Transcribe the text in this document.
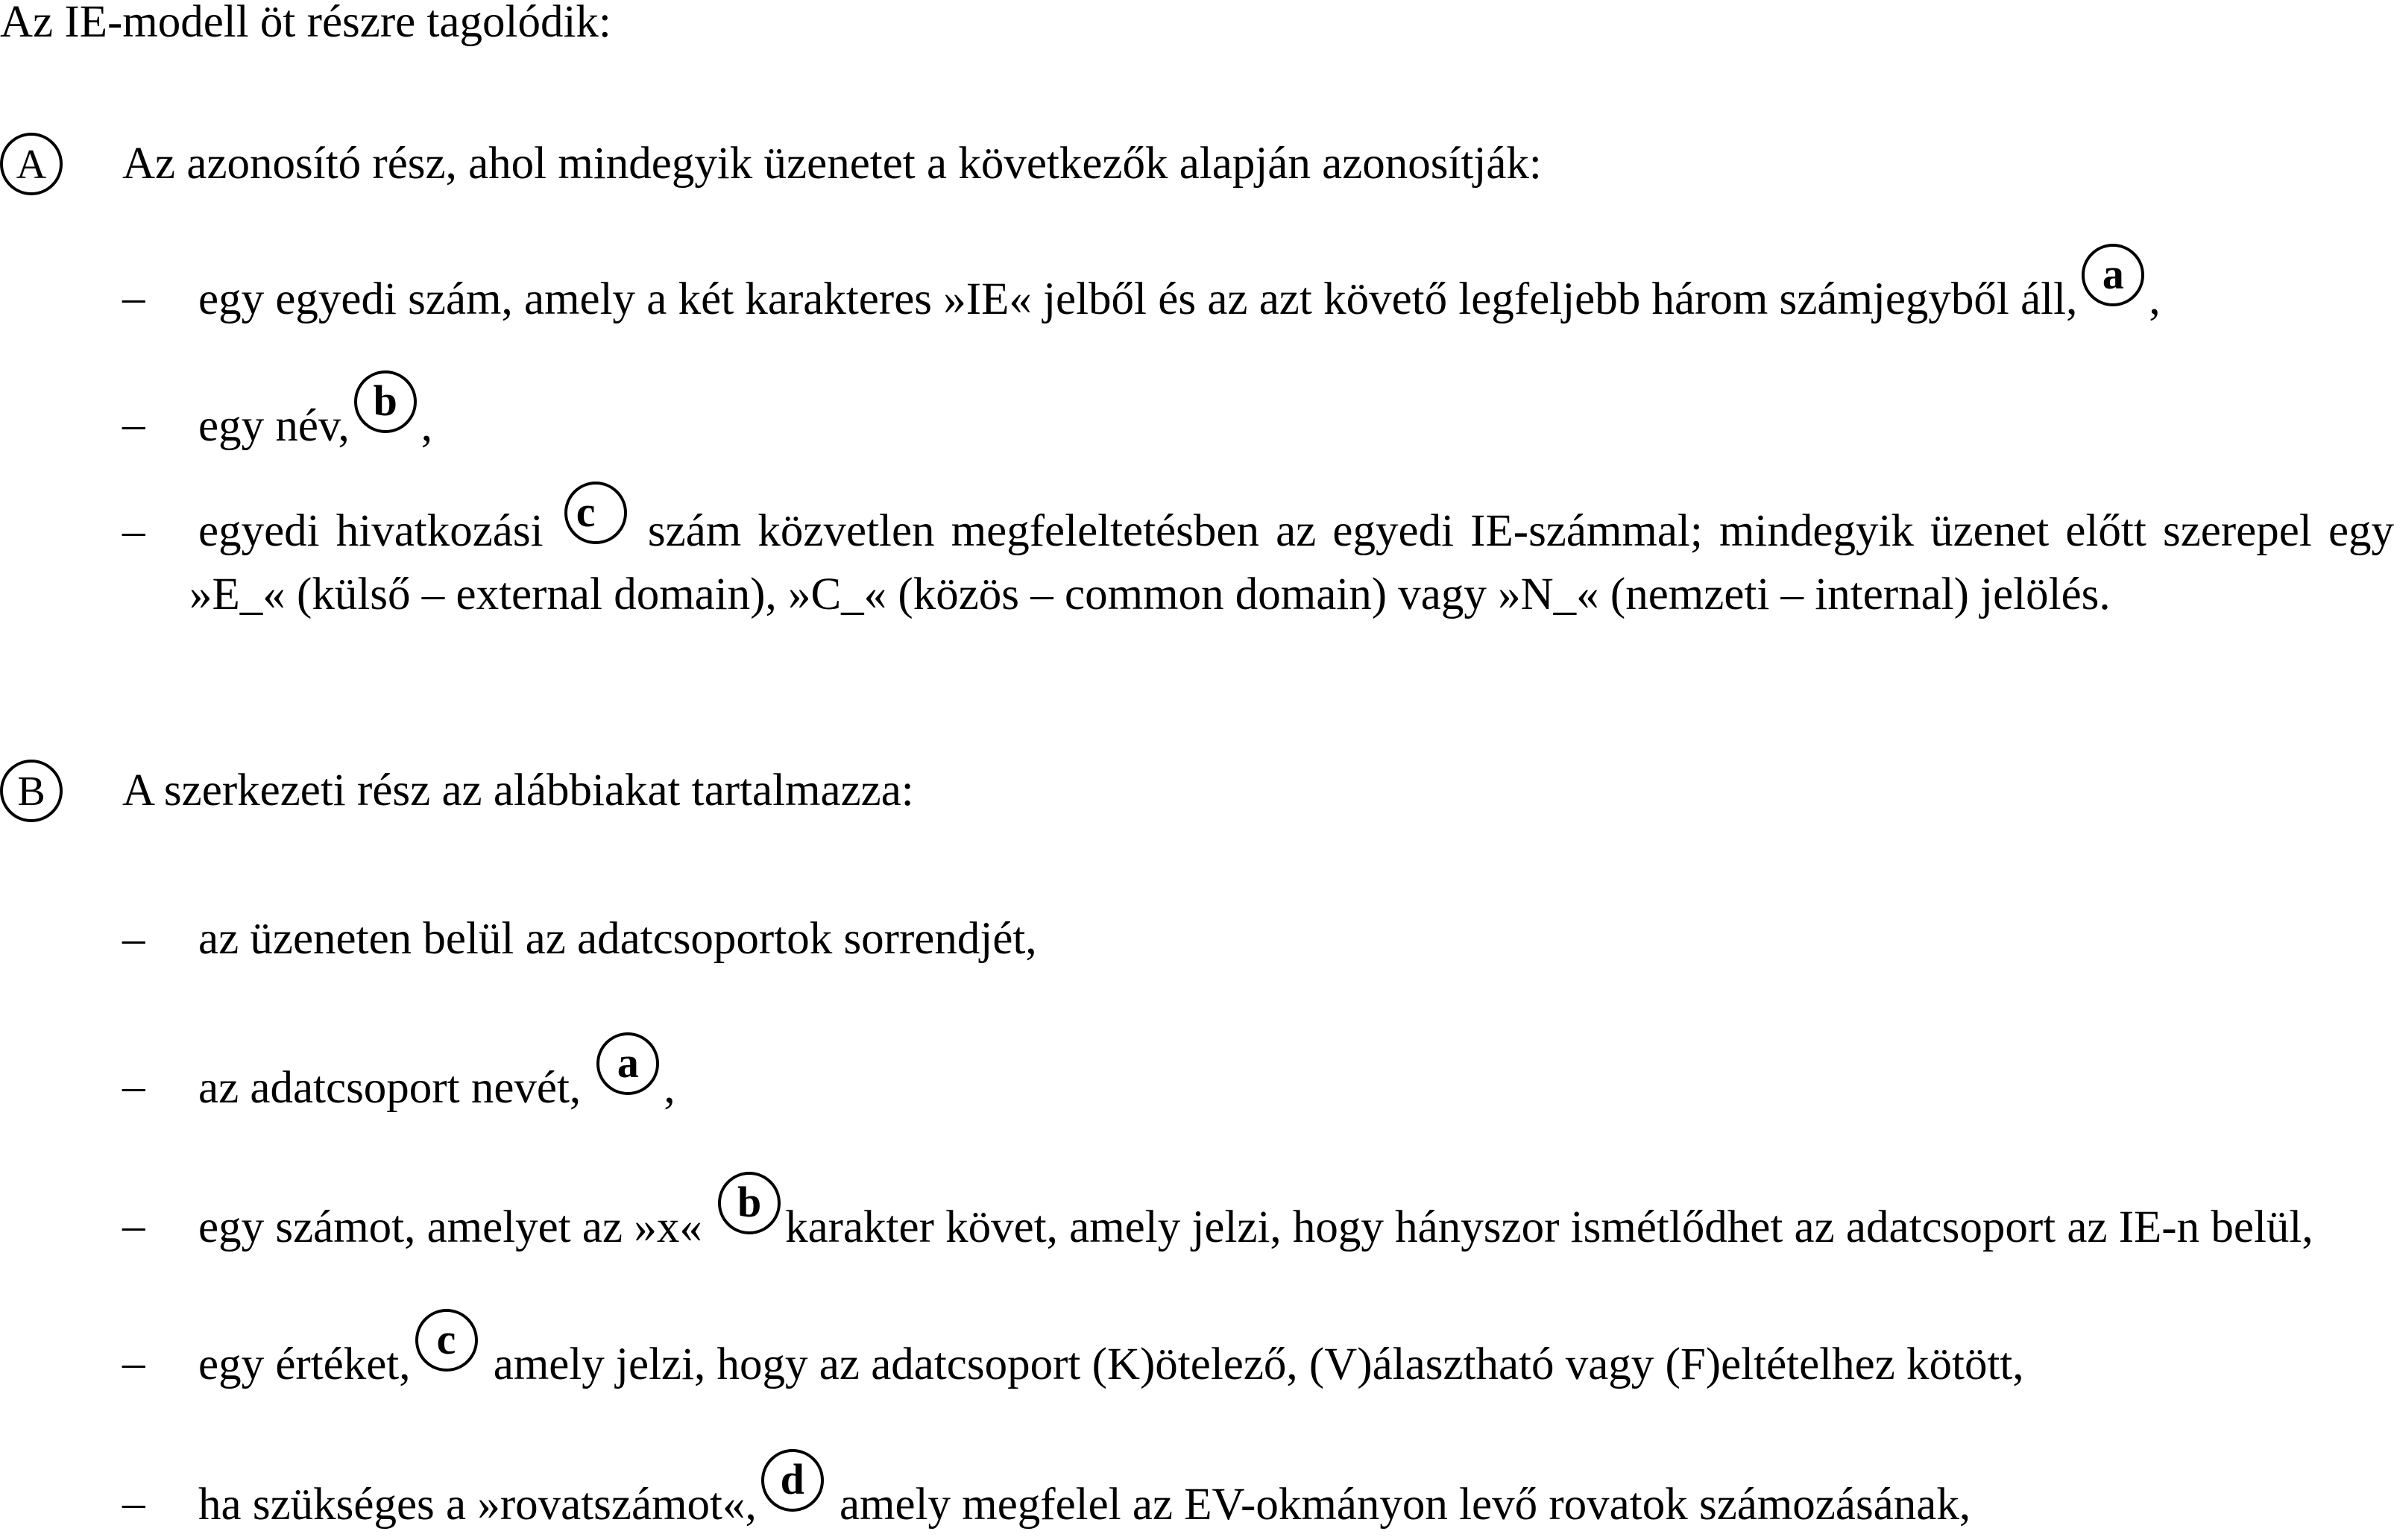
Az IE-modell öt részre tagolódik:
A	Az azonosító rész, ahol mindegyik üzenetet a következők alapján azonosítják:
– egy egyedi szám, amely a két karakteres »IE« jelből és az azt követő legfeljebb három számjegyből áll,a,
– egy név,b,
– egyedi hivatkozási c szám közvetlen megfeleltetésben az egyedi IE-számmal; mindegyik üzenet előtt szerepel egy »E_« (külső – external domain), »C_« (közös – common domain) vagy »N_« (nemzeti – internal) jelölés.
B	A szerkezeti rész az alábbiakat tartalmazza:
– az üzeneten belül az adatcsoportok sorrendjét,
– az adatcsoport nevét, a,
– egy számot, amelyet az »x« bkarakter követ, amely jelzi, hogy hányszor ismétlődhet az adatcsoport az IE-n belül,
– egy értéket,c amely jelzi, hogy az adatcsoport (K)ötelező, (V)álasztható vagy (F)eltételhez kötött,
– ha szükséges a »rovatszámot«,d amely megfelel az EV-okmányon levő rovatok számozásának,
